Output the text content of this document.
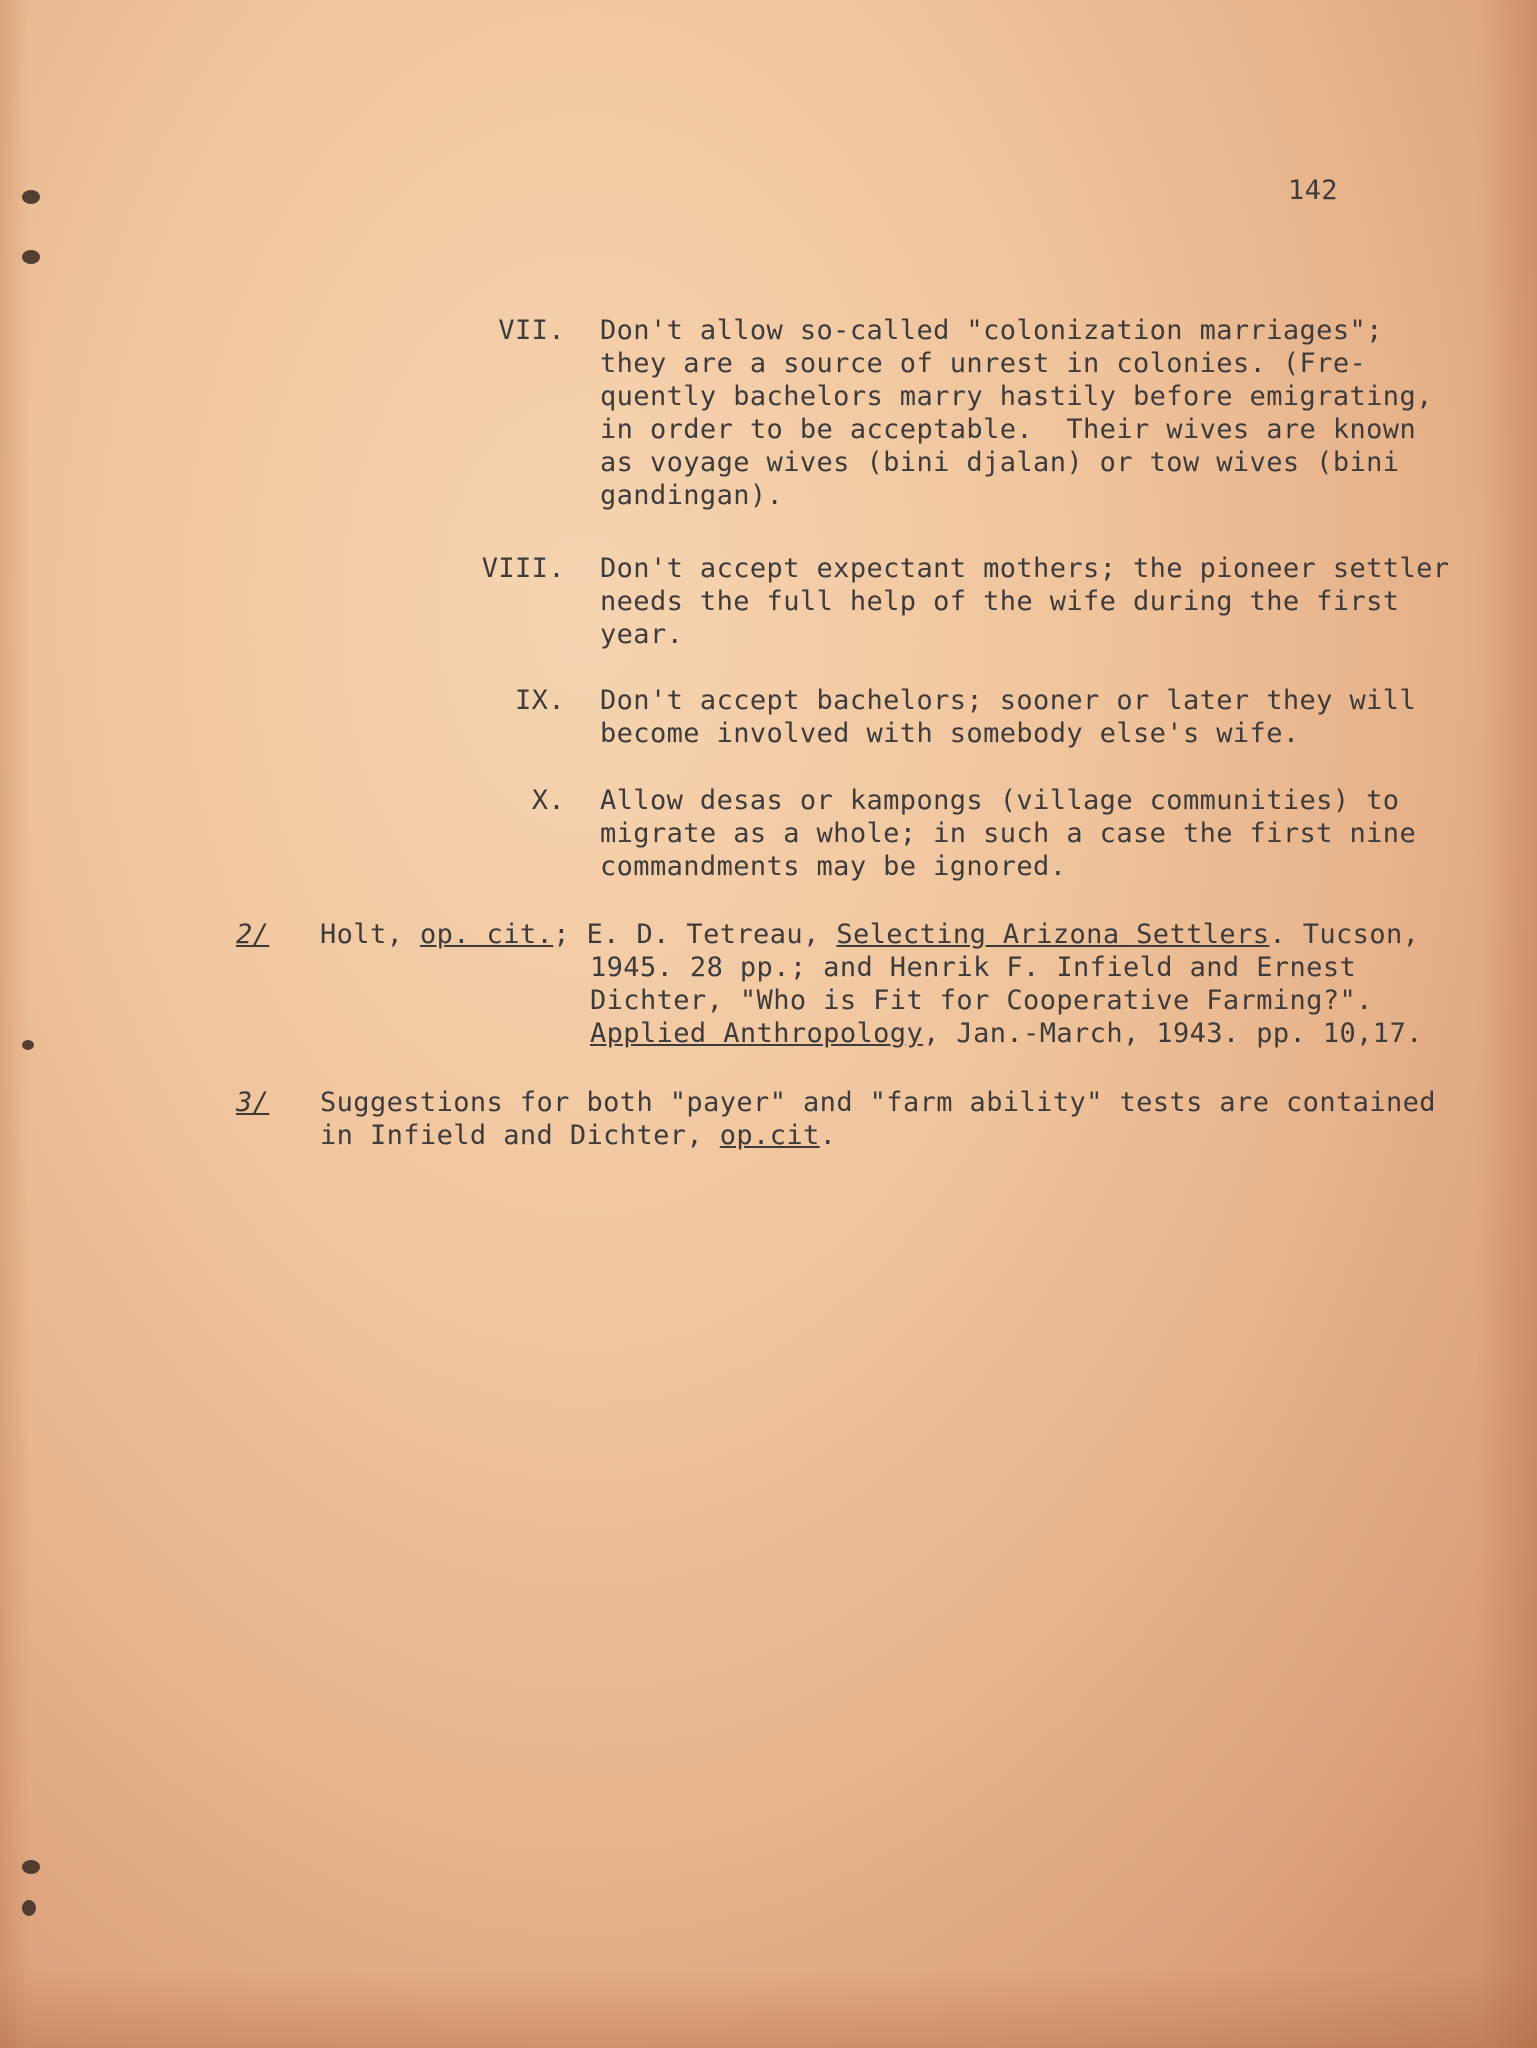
142
VII. Don't allow so-called "colonization marriages";
they are a source of unrest in colonies. (Fre-
quently bachelors marry hastily before emigrating,
in order to be acceptable.  Their wives are known
as voyage wives (bini djalan) or tow wives (bini
gandingan).
VIII. Don't accept expectant mothers; the pioneer settler
needs the full help of the wife during the first
year.
IX. Don't accept bachelors; sooner or later they will
become involved with somebody else's wife.
X. Allow desas or kampongs (village communities) to
migrate as a whole; in such a case the first nine
commandments may be ignored.
2/ Holt, op. cit.; E. D. Tetreau, Selecting Arizona Settlers. Tucson,
1945. 28 pp.; and Henrik F. Infield and Ernest
Dichter, "Who is Fit for Cooperative Farming?".
Applied Anthropology, Jan.-March, 1943. pp. 10,17.
3/ Suggestions for both "payer" and "farm ability" tests are contained
in Infield and Dichter, op.cit.
